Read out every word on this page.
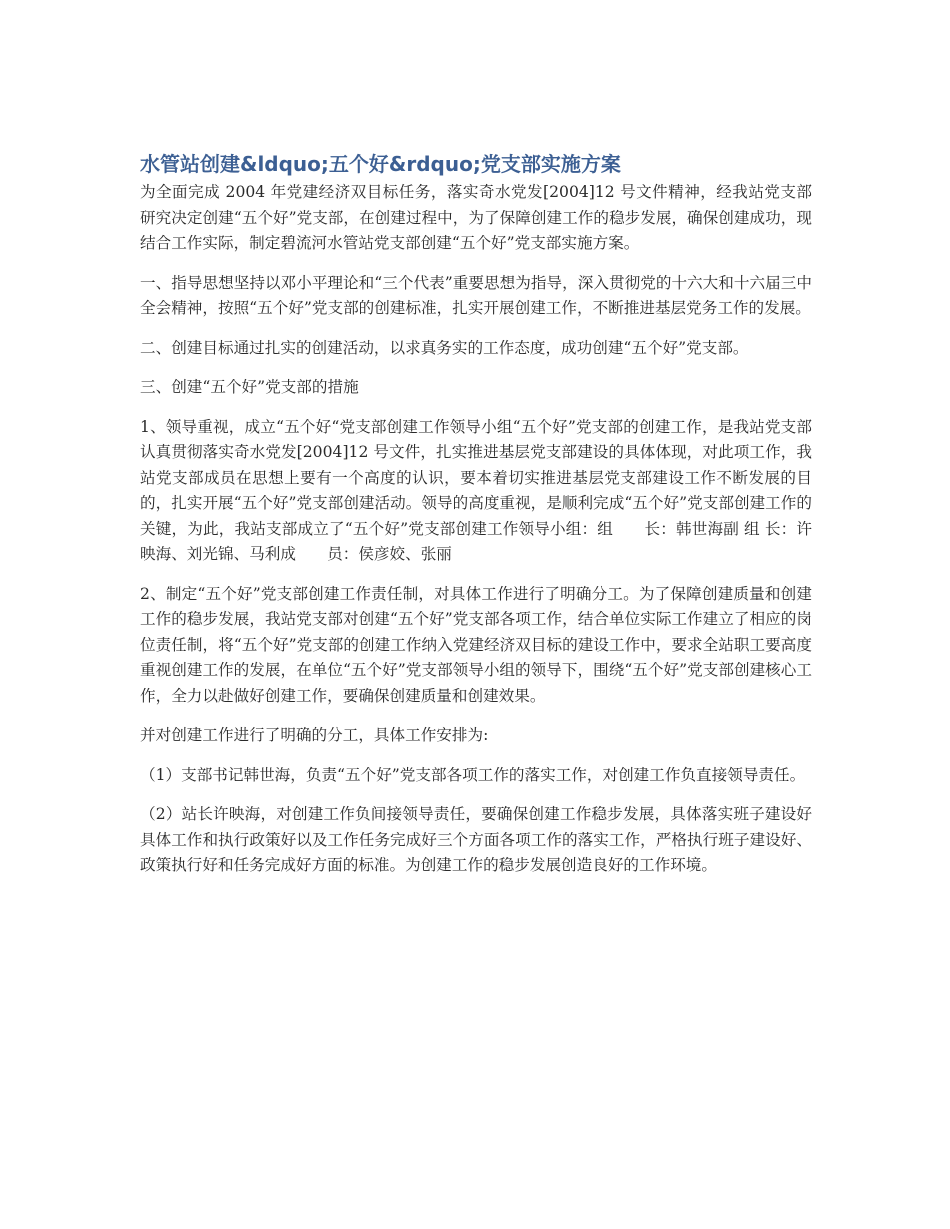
水管站创建&ldquo;五个好&rdquo;党支部实施方案

为全面完成 2004 年党建经济双目标任务，落实奇水党发[2004]12 号文件精神，经我站党支部研究决定创建“五个好”党支部，在创建过程中，为了保障创建工作的稳步发展，确保创建成功，现结合工作实际，制定碧流河水管站党支部创建“五个好”党支部实施方案。

一、指导思想坚持以邓小平理论和“三个代表”重要思想为指导，深入贯彻党的十六大和十六届三中全会精神，按照“五个好”党支部的创建标准，扎实开展创建工作，不断推进基层党务工作的发展。

二、创建目标通过扎实的创建活动，以求真务实的工作态度，成功创建“五个好”党支部。

三、创建“五个好”党支部的措施

1、领导重视，成立“五个好“党支部创建工作领导小组“五个好”党支部的创建工作，是我站党支部认真贯彻落实奇水党发[2004]12 号文件，扎实推进基层党支部建设的具体体现，对此项工作，我站党支部成员在思想上要有一个高度的认识，要本着切实推进基层党支部建设工作不断发展的目的，扎实开展“五个好”党支部创建活动。领导的高度重视，是顺利完成“五个好”党支部创建工作的关键，为此，我站支部成立了“五个好”党支部创建工作领导小组：组　　长：韩世海副 组 长：许映海、刘光锦、马利成　　员：侯彦姣、张丽

2、制定“五个好”党支部创建工作责任制，对具体工作进行了明确分工。为了保障创建质量和创建工作的稳步发展，我站党支部对创建“五个好”党支部各项工作，结合单位实际工作建立了相应的岗位责任制，将“五个好”党支部的创建工作纳入党建经济双目标的建设工作中，要求全站职工要高度重视创建工作的发展，在单位“五个好”党支部领导小组的领导下，围绕“五个好”党支部创建核心工作，全力以赴做好创建工作，要确保创建质量和创建效果。

并对创建工作进行了明确的分工，具体工作安排为:

（1）支部书记韩世海，负责“五个好”党支部各项工作的落实工作，对创建工作负直接领导责任。

（2）站长许映海，对创建工作负间接领导责任，要确保创建工作稳步发展，具体落实班子建设好具体工作和执行政策好以及工作任务完成好三个方面各项工作的落实工作，严格执行班子建设好、政策执行好和任务完成好方面的标准。为创建工作的稳步发展创造良好的工作环境。
